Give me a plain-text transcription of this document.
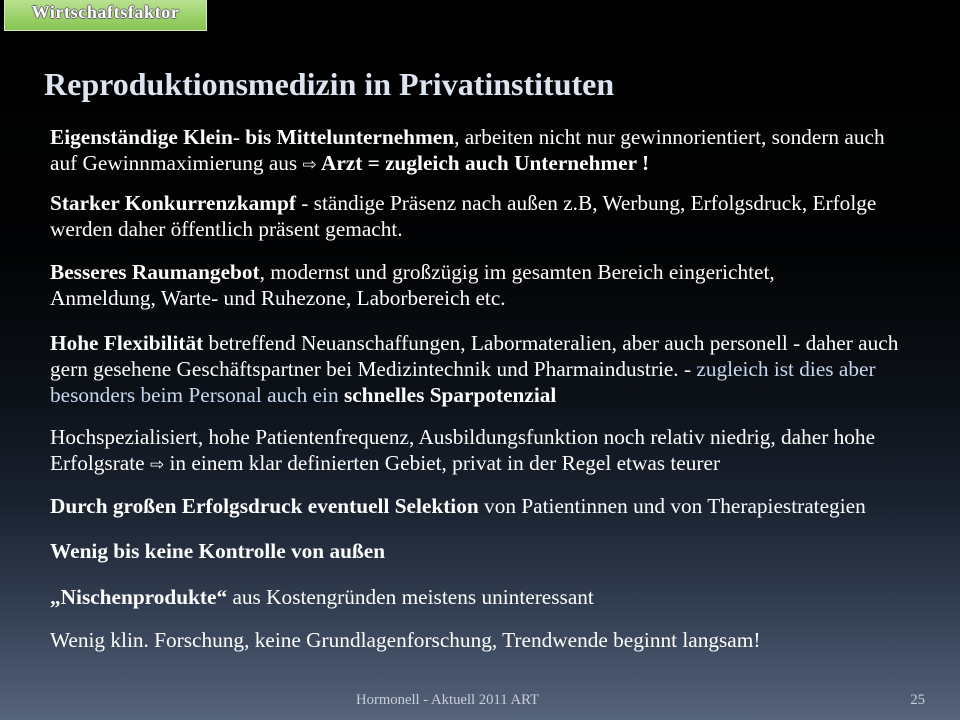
Wirtschaftsfaktor
Reproduktionsmedizin in Privatinstituten
Eigenständige Klein- bis Mittelunternehmen, arbeiten nicht nur gewinnorientiert, sondern auch
auf Gewinnmaximierung aus ⇨ Arzt = zugleich auch Unternehmer !
Starker Konkurrenzkampf - ständige Präsenz nach außen z.B, Werbung, Erfolgsdruck, Erfolge
werden daher öffentlich präsent gemacht.
Besseres Raumangebot, modernst und großzügig im gesamten Bereich eingerichtet,
Anmeldung, Warte- und Ruhezone, Laborbereich etc.
Hohe Flexibilität betreffend Neuanschaffungen, Labormateralien, aber auch personell - daher auch
gern gesehene Geschäftspartner bei Medizintechnik und Pharmaindustrie. - zugleich ist dies aber
besonders beim Personal auch ein schnelles Sparpotenzial
Hochspezialisiert, hohe Patientenfrequenz, Ausbildungsfunktion noch relativ niedrig, daher hohe
Erfolgsrate ⇨ in einem klar definierten Gebiet, privat in der Regel etwas teurer
Durch großen Erfolgsdruck eventuell Selektion von Patientinnen und von Therapiestrategien
Wenig bis keine Kontrolle von außen
„Nischenprodukte“ aus Kostengründen meistens uninteressant
Wenig klin. Forschung, keine Grundlagenforschung, Trendwende beginnt langsam!
Hormonell - Aktuell 2011 ART	25
